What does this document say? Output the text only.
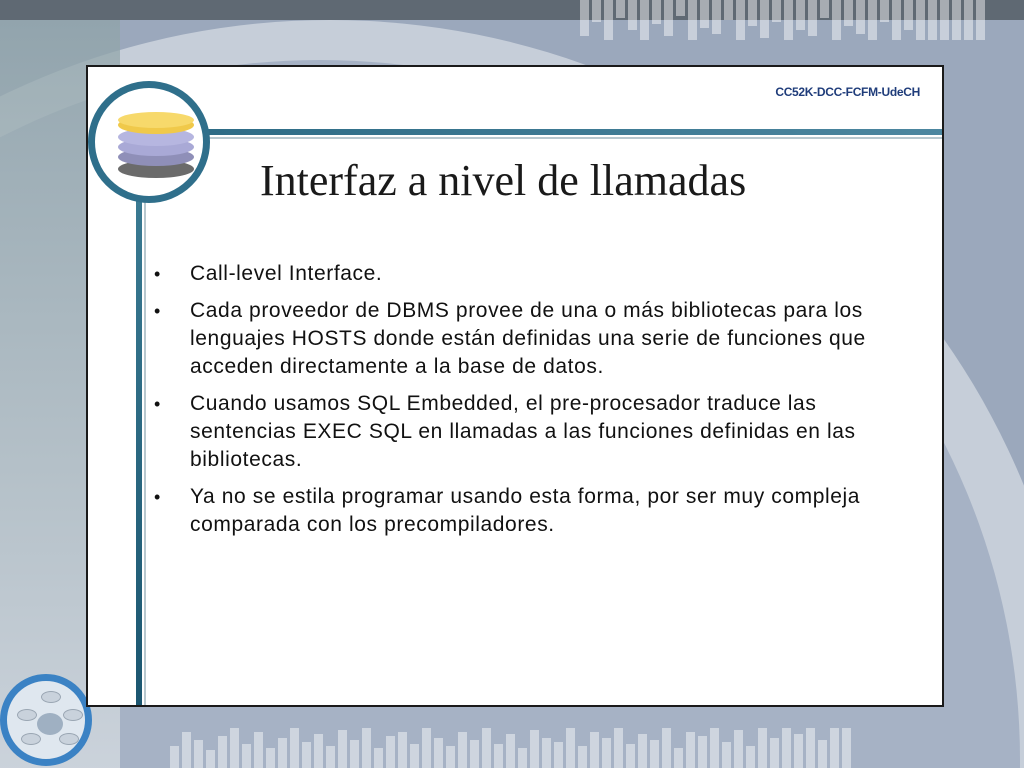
CC52K-DCC-FCFM-UdeCH
Interfaz a nivel de llamadas
• Call-level Interface.
• Cada proveedor de DBMS provee de una o más bibliotecas para los lenguajes HOSTS donde están definidas una serie de funciones que acceden directamente a la base de datos.
• Cuando usamos SQL Embedded, el pre-procesador traduce las sentencias EXEC SQL en llamadas a las funciones definidas en las bibliotecas.
• Ya no se estila programar usando esta forma, por ser muy compleja comparada con los precompiladores.
